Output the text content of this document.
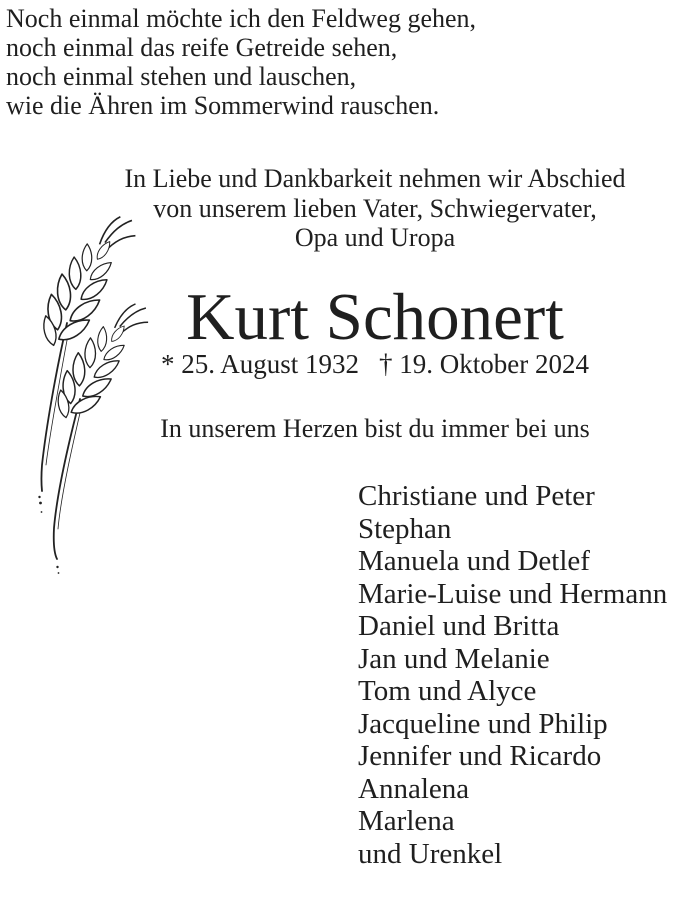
Noch einmal möchte ich den Feldweg gehen,
noch einmal das reife Getreide sehen,
noch einmal stehen und lauschen,
wie die Ähren im Sommerwind rauschen.
In Liebe und Dankbarkeit nehmen wir Abschied
von unserem lieben Vater, Schwiegervater,
Opa und Uropa
Kurt Schonert
* 25. August 1932 † 19. Oktober 2024
In unserem Herzen bist du immer bei uns
Christiane und Peter
Stephan
Manuela und Detlef
Marie-Luise und Hermann
Daniel und Britta
Jan und Melanie
Tom und Alyce
Jacqueline und Philip
Jennifer und Ricardo
Annalena
Marlena
und Urenkel
